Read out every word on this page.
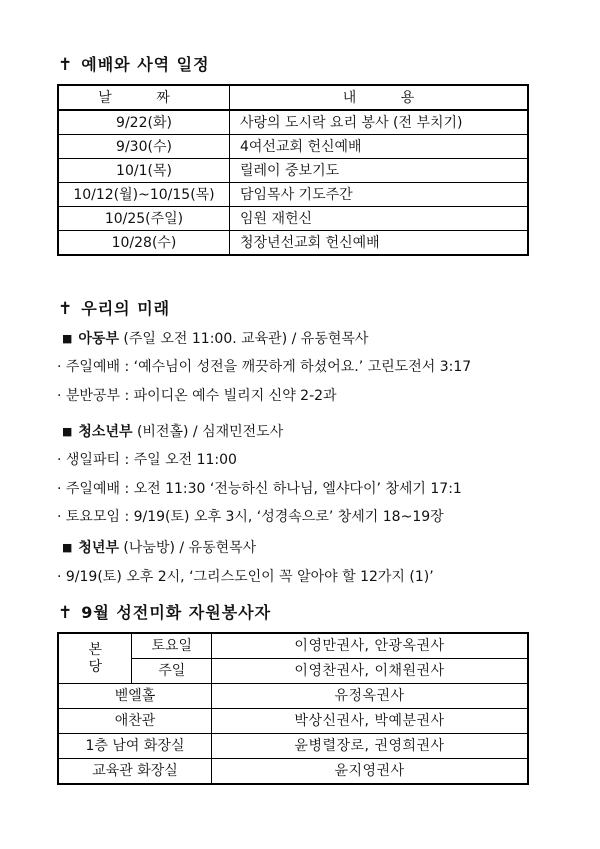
✝ 예배와 사역 일정
날 짜	내 용
9/22(화)	사랑의 도시락 요리 봉사 (전 부치기)
9/30(수)	4여선교회 헌신예배
10/1(목)	릴레이 중보기도
10/12(월)~10/15(목)	담임목사 기도주간
10/25(주일)	임원 재헌신
10/28(수)	청장년선교회 헌신예배
✝ 우리의 미래
■ 아동부 (주일 오전 11:00. 교육관) / 유동현목사
· 주일예배 : ‘예수님이 성전을 깨끗하게 하셨어요.’ 고린도전서 3:17
· 분반공부 : 파이디온 예수 빌리지 신약 2-2과
■ 청소년부 (비전홀) / 심재민전도사
· 생일파티 : 주일 오전 11:00
· 주일예배 : 오전 11:30 ‘전능하신 하나님, 엘샤다이’ 창세기 17:1
· 토요모임 : 9/19(토) 오후 3시, ‘성경속으로’ 창세기 18~19장
■ 청년부 (나눔방) / 유동현목사
· 9/19(토) 오후 2시, ‘그리스도인이 꼭 알아야 할 12가지 (1)’
✝ 9월 성전미화 자원봉사자
본당	토요일	이영만권사, 안광옥권사
	주일	이영찬권사, 이채원권사
벧엘홀		유정옥권사
애찬관		박상신권사, 박예분권사
1층 남여 화장실		윤병렬장로, 권영희권사
교육관 화장실		윤지영권사
